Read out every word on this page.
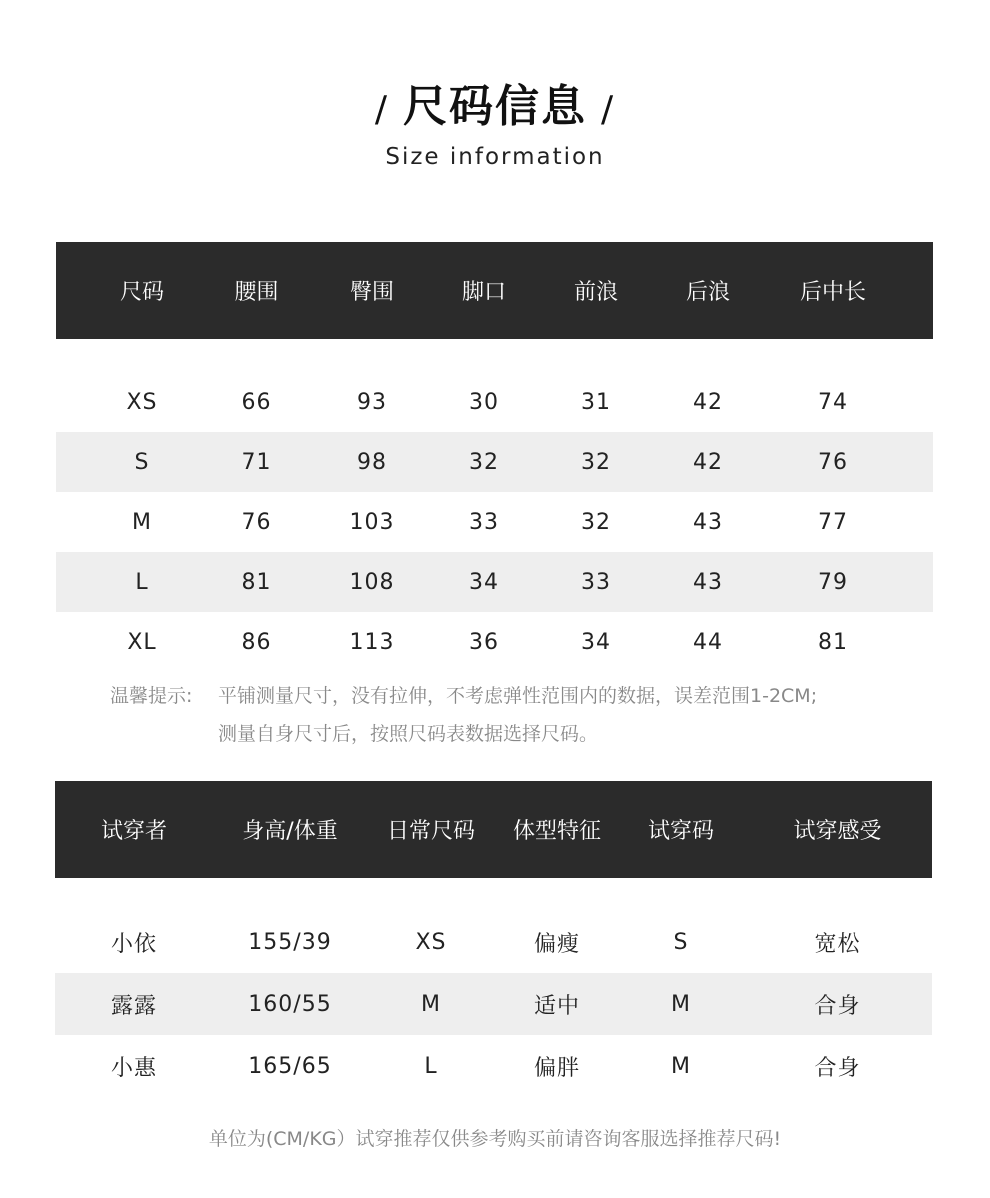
/ 尺码信息 /
Size information
尺码	腰围	臀围	脚口	前浪	后浪	后中长

XS	66	93	30	31	42	74
S	71	98	32	32	42	76
M	76	103	33	32	43	77
L	81	108	34	33	43	79
XL	86	113	36	34	44	81
温馨提示: 平铺测量尺寸，没有拉伸，不考虑弹性范围内的数据，误差范围1-2CM;
测量自身尺寸后，按照尺码表数据选择尺码。
试穿者	身高/体重	日常尺码	体型特征	试穿码	试穿感受

小依	155/39	XS	偏瘦	S	宽松
露露	160/55	M	适中	M	合身
小惠	165/65	L	偏胖	M	合身
单位为(CM/KG）试穿推荐仅供参考购买前请咨询客服选择推荐尺码!
